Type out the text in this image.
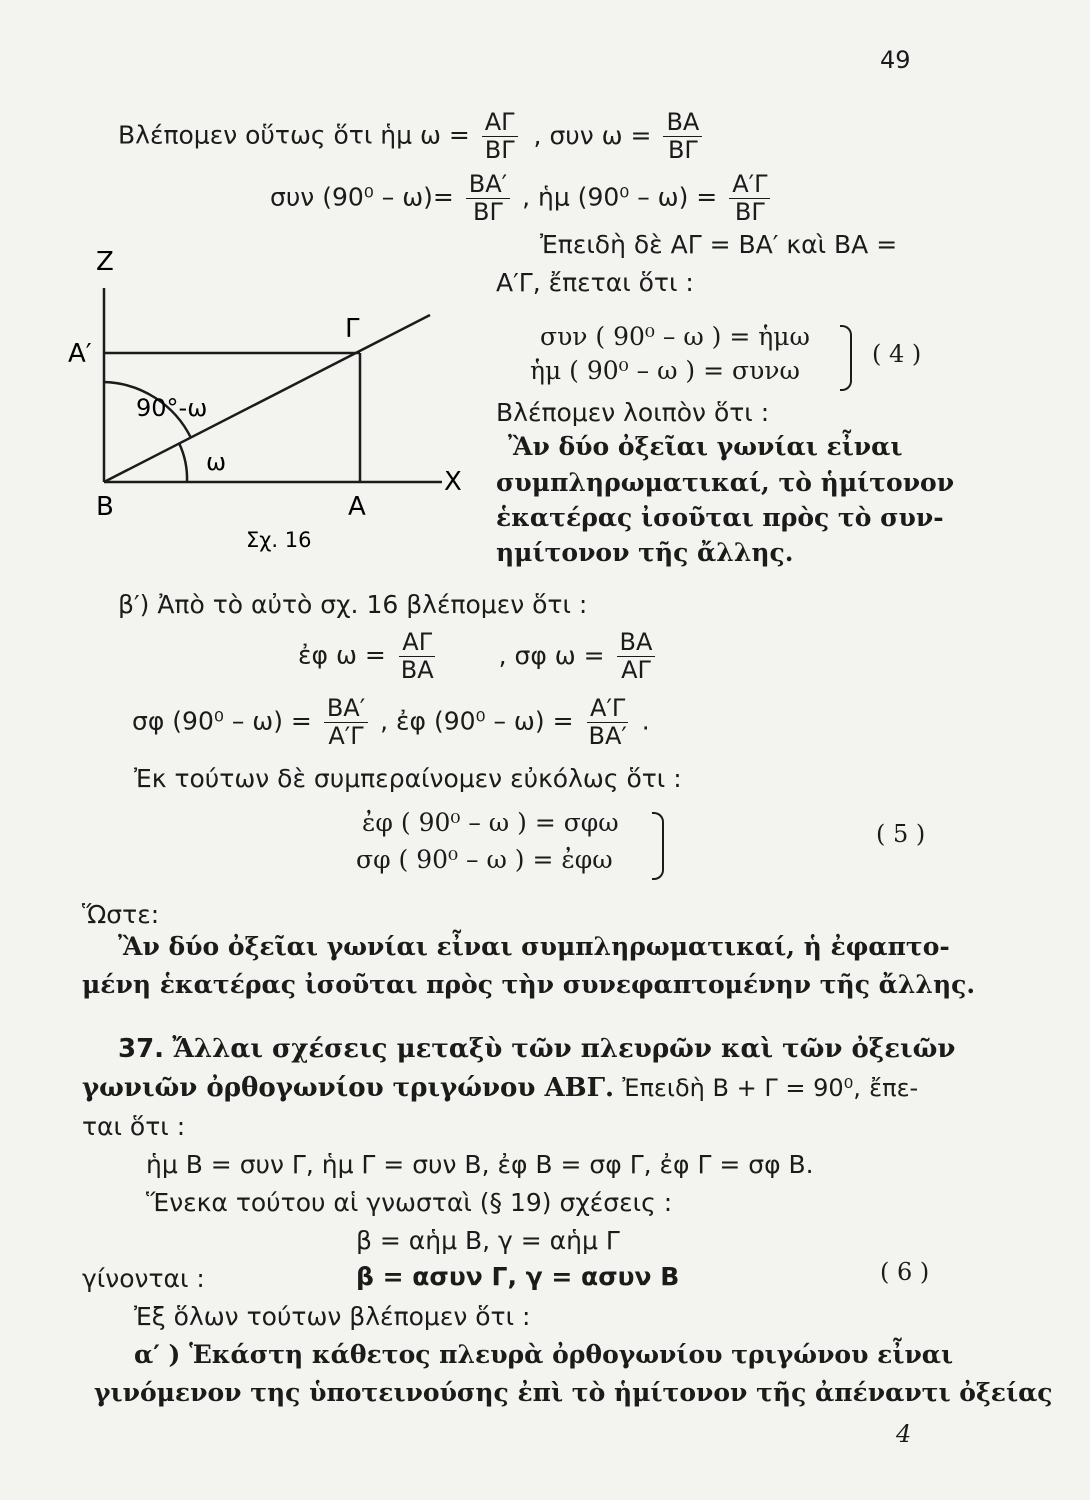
49
Βλέπομεν οὕτως ὅτι ἡμ $\omega = \frac{A\Gamma}{B\Gamma}$ , συν $\omega = \frac{BA}{B\Gamma}$
συν $(90^0 - \omega)= \frac{BA'}{B\Gamma}$ , ἡμ $(90^0 - \omega) = \frac{A'\Gamma}{B\Gamma}$
Ἐπειδὴ δὲ ΑΓ = ΒΑ′ καὶ ΒΑ =
Α′Γ, ἔπεται ὅτι :
συν ( 90⁰ – ω ) = ἡμω
ἡμ ( 90⁰ – ω ) = συνω
( 4 )
Βλέπομεν λοιπὸν ὅτι :
Ἂν δύο ὀξεῖαι γωνίαι εἶναι
συμπληρωματικαί, τὸ ἡμίτονον
ἑκατέρας ἰσοῦται πρὸς τὸ συν-
ημίτονον τῆς ἄλλης.
Ζ
Α′
Γ
90°-ω
ω
Χ
Β	Α
Σχ. 16
β′) Ἀπὸ τὸ αὐτὸ σχ. 16 βλέπομεν ὅτι :
ἐφ $\omega = \frac{A\Gamma}{BA}$ , σφ $\omega = \frac{BA}{A\Gamma}$
σφ $(90^0 - \omega) = \frac{BA'}{A'\Gamma}$ , ἐφ $(90^0 - \omega) = \frac{A'\Gamma}{BA'}$ .
Ἐκ τούτων δὲ συμπεραίνομεν εὐκόλως ὅτι :
ἐφ ( 90⁰ – ω ) = σφω
σφ ( 90⁰ – ω ) = ἐφω
( 5 )
Ὥστε:
Ἂν δύο ὀξεῖαι γωνίαι εἶναι συμπληρωματικαί, ἡ ἐφαπτο-
μένη ἑκατέρας ἰσοῦται πρὸς τὴν συνεφαπτομένην τῆς ἄλλης.
37. Ἄλλαι σχέσεις μεταξὺ τῶν πλευρῶν καὶ τῶν ὀξειῶν
γωνιῶν ὀρθογωνίου τριγώνου ΑΒΓ. Ἐπειδὴ Β + Γ = 90⁰, ἔπε-
ται ὅτι :
ἡμ Β = συν Γ, ἡμ Γ = συν Β, ἐφ Β = σφ Γ, ἐφ Γ = σφ Β.
Ἕνεκα τούτου αἱ γνωσταὶ (§ 19) σχέσεις :
β = αἡμ Β, γ = αἡμ Γ
γίνονται :	β = ασυν Γ, γ = ασυν Β	( 6 )
Ἐξ ὅλων τούτων βλέπομεν ὅτι :
α′ ) Ἑκάστη κάθετος πλευρὰ ὀρθογωνίου τριγώνου εἶναι
γινόμενον της ὑποτεινούσης ἐπὶ τὸ ἡμίτονον τῆς ἀπέναντι ὀξείας
4
